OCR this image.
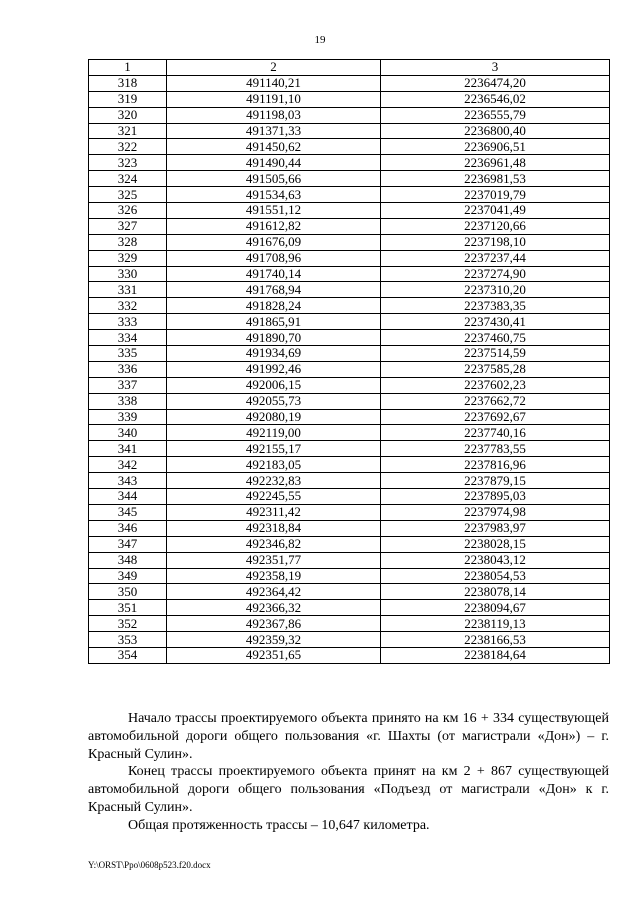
19
1	2	3
318	491140,21	2236474,20
319	491191,10	2236546,02
320	491198,03	2236555,79
321	491371,33	2236800,40
322	491450,62	2236906,51
323	491490,44	2236961,48
324	491505,66	2236981,53
325	491534,63	2237019,79
326	491551,12	2237041,49
327	491612,82	2237120,66
328	491676,09	2237198,10
329	491708,96	2237237,44
330	491740,14	2237274,90
331	491768,94	2237310,20
332	491828,24	2237383,35
333	491865,91	2237430,41
334	491890,70	2237460,75
335	491934,69	2237514,59
336	491992,46	2237585,28
337	492006,15	2237602,23
338	492055,73	2237662,72
339	492080,19	2237692,67
340	492119,00	2237740,16
341	492155,17	2237783,55
342	492183,05	2237816,96
343	492232,83	2237879,15
344	492245,55	2237895,03
345	492311,42	2237974,98
346	492318,84	2237983,97
347	492346,82	2238028,15
348	492351,77	2238043,12
349	492358,19	2238054,53
350	492364,42	2238078,14
351	492366,32	2238094,67
352	492367,86	2238119,13
353	492359,32	2238166,53
354	492351,65	2238184,64

Начало трассы проектируемого объекта принято на км 16 + 334 существующей автомобильной дороги общего пользования «г. Шахты (от магистрали «Дон») – г. Красный Сулин».

Конец трассы проектируемого объекта принят на км 2 + 867 существующей автомобильной дороги общего пользования «Подъезд от магистрали «Дон» к г. Красный Сулин».

Общая протяженность трассы – 10,647 километра.

Y:\ORST\Ppo\0608p523.f20.docx
